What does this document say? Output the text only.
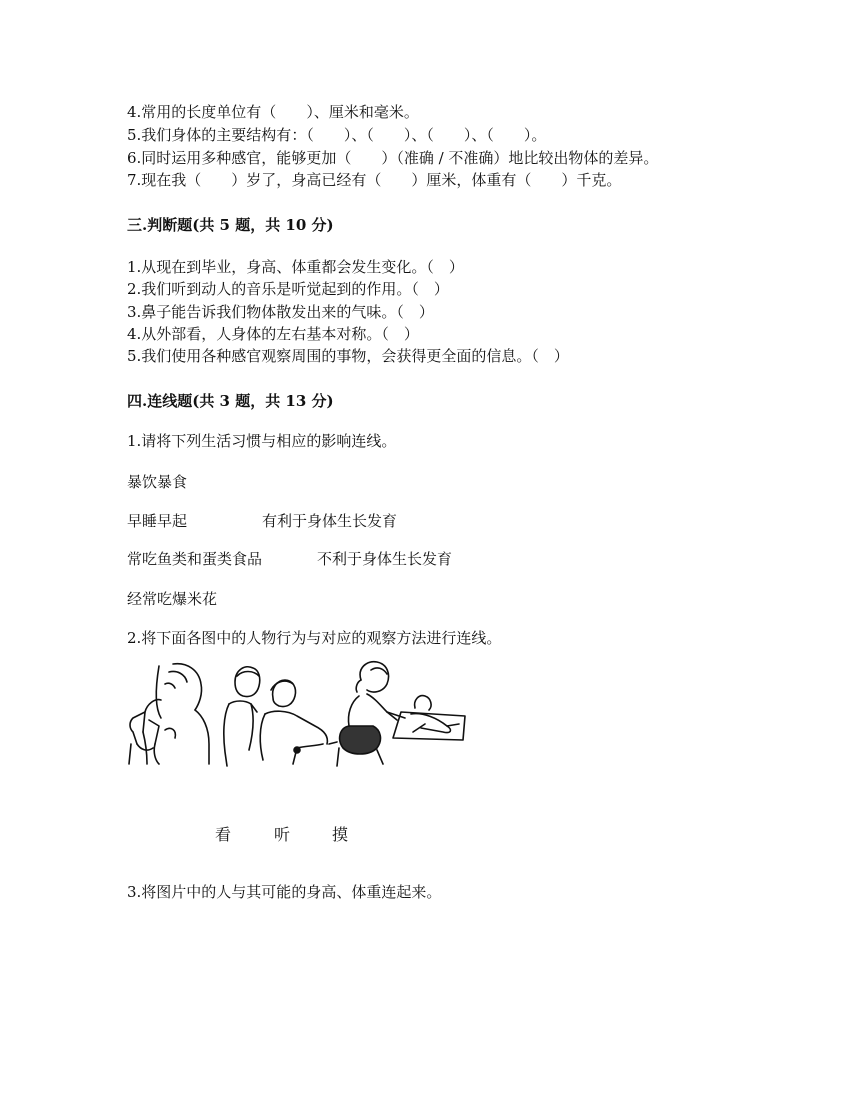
4.常用的长度单位有（　　）、厘米和毫米。
5.我们身体的主要结构有：（　　）、（　　）、（　　）、（　　）。
6.同时运用多种感官，能够更加（　　）（准确 / 不准确）地比较出物体的差异。
7.现在我（　　）岁了，身高已经有（　　）厘米，体重有（　　）千克。
三.判断题(共 5 题，共 10 分)
1.从现在到毕业，身高、体重都会发生变化。（　）
2.我们听到动人的音乐是听觉起到的作用。（　）
3.鼻子能告诉我们物体散发出来的气味。（　）
4.从外部看，人身体的左右基本对称。（　）
5.我们使用各种感官观察周围的事物，会获得更全面的信息。（　）
四.连线题(共 3 题，共 13 分)
1.请将下列生活习惯与相应的影响连线。
暴饮暴食
早睡早起	有利于身体生长发育
常吃鱼类和蛋类食品	不利于身体生长发育
经常吃爆米花
2.将下面各图中的人物行为与对应的观察方法进行连线。
看	听	摸
3.将图片中的人与其可能的身高、体重连起来。
